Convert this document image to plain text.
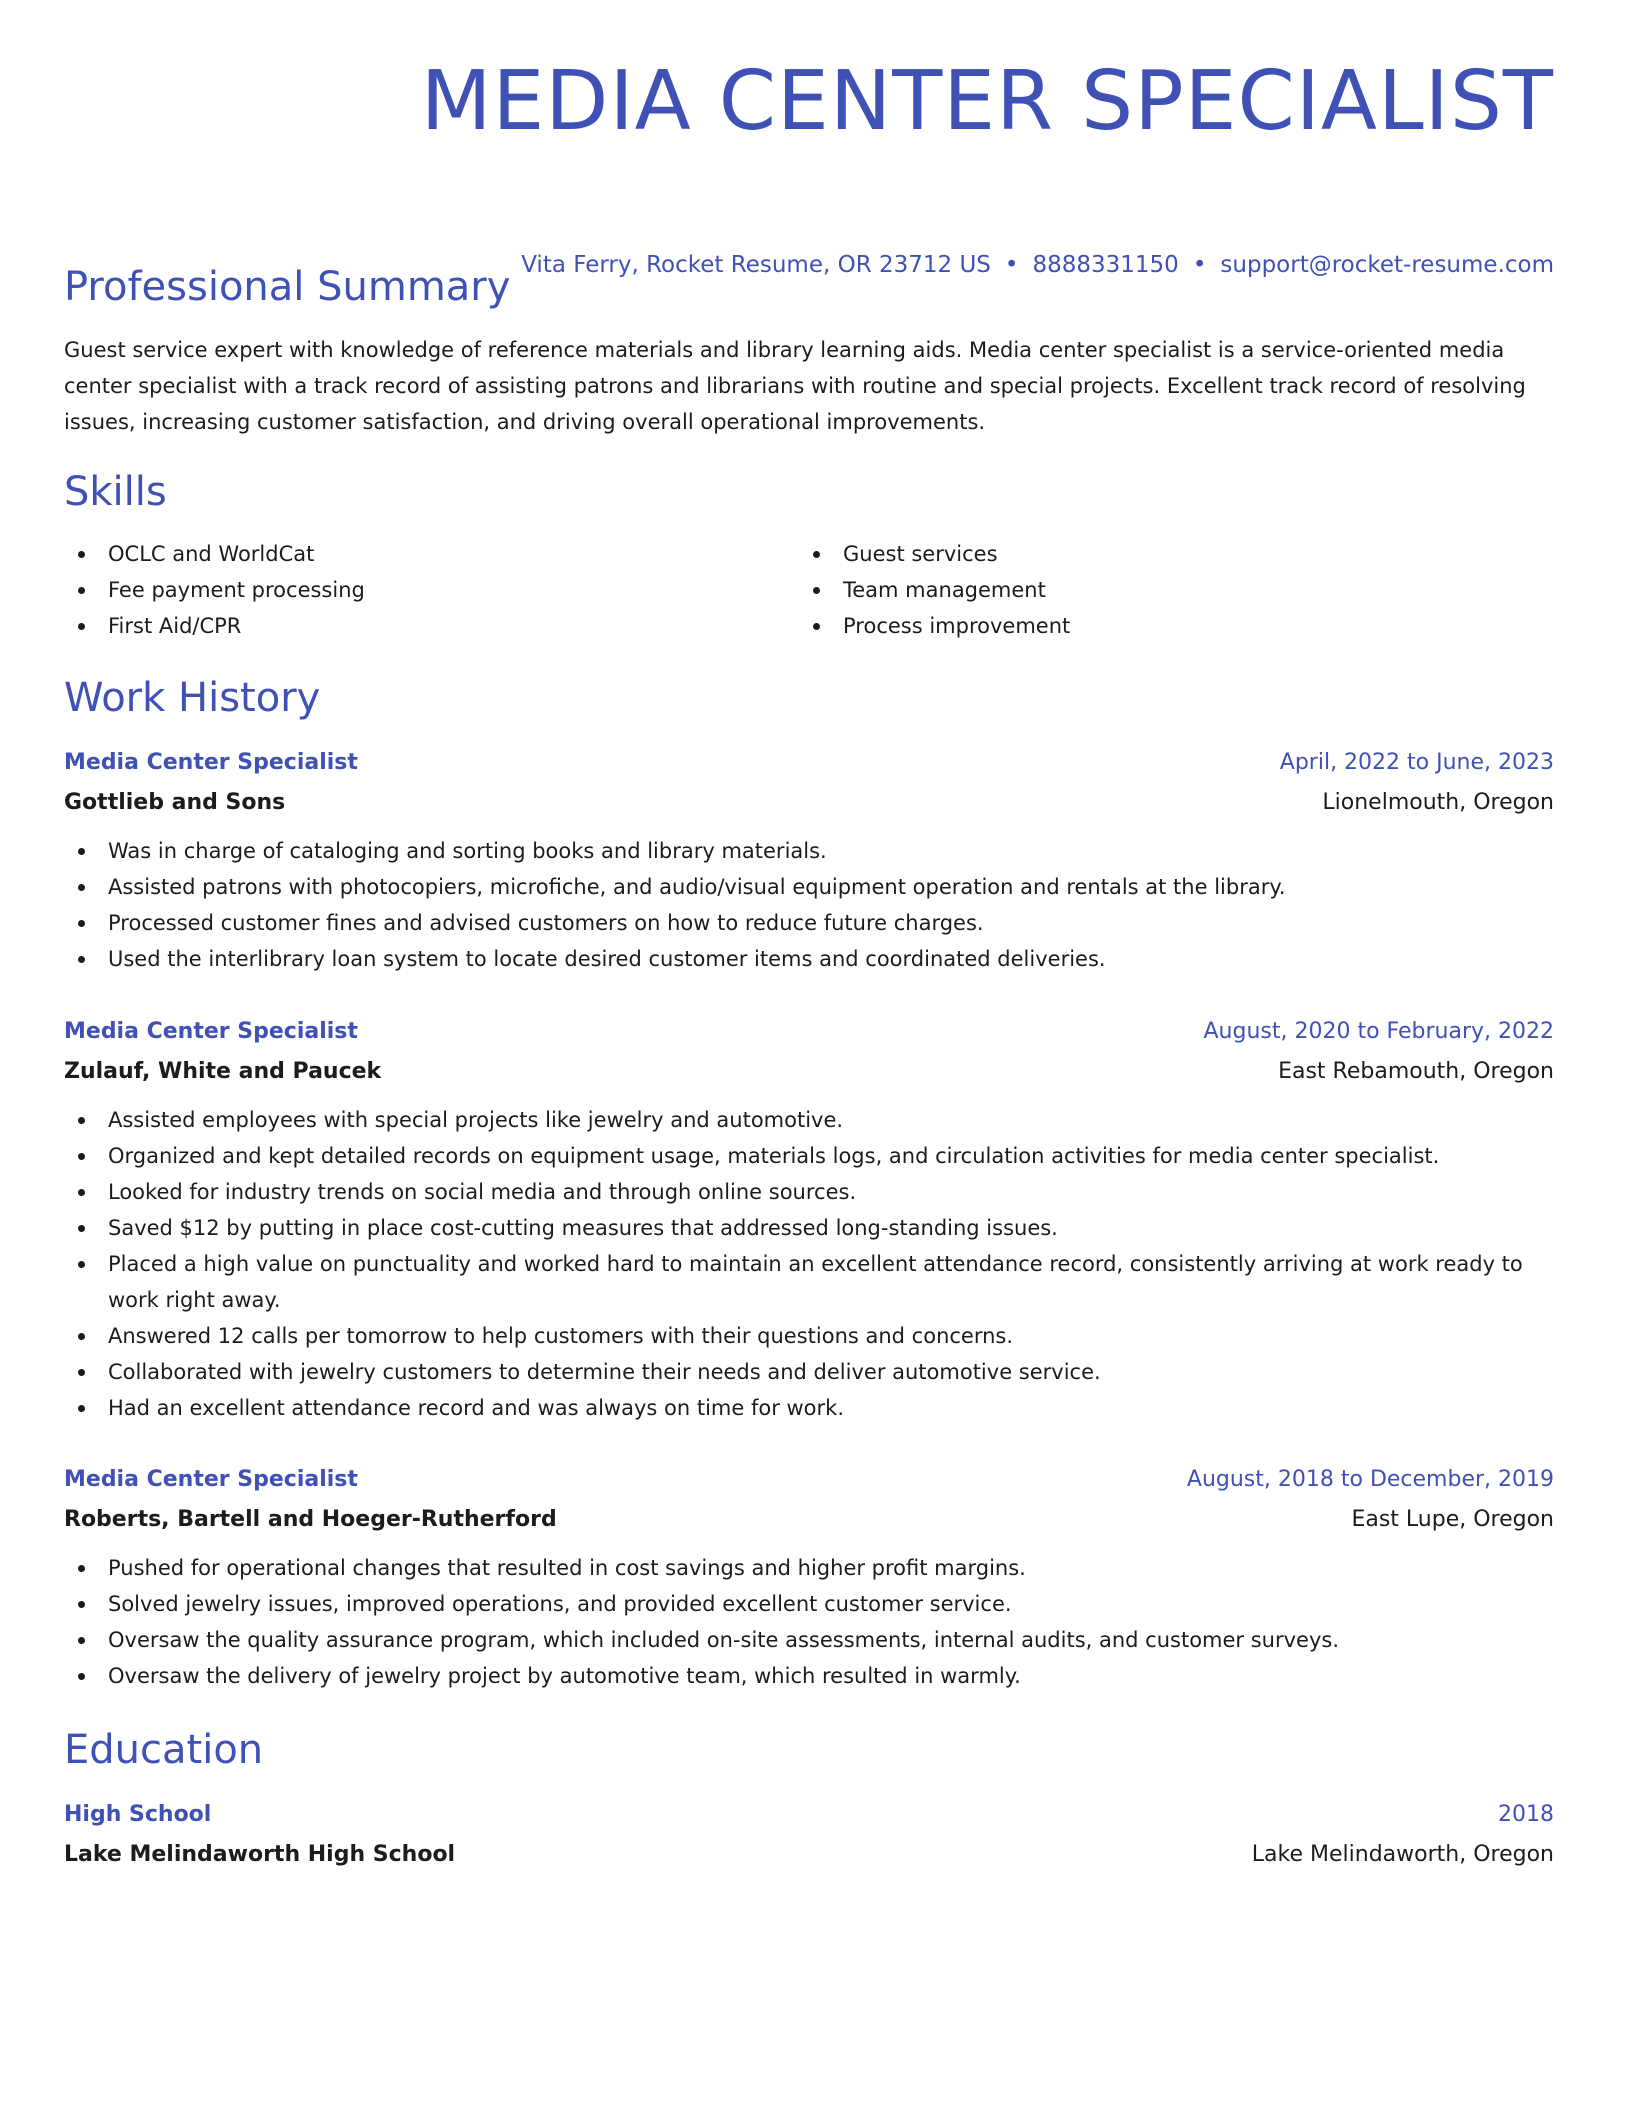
MEDIA CENTER SPECIALIST
Vita Ferry, Rocket Resume, OR 23712 US • 8888331150 • support@rocket-resume.com
Professional Summary

Guest service expert with knowledge of reference materials and library learning aids. Media center specialist is a service-oriented media center specialist with a track record of assisting patrons and librarians with routine and special projects. Excellent track record of resolving issues, increasing customer satisfaction, and driving overall operational improvements.

Skills
OCLC and WorldCat
Fee payment processing
First Aid/CPR
Guest services
Team management
Process improvement
Work History
Media Center Specialist	April, 2022 to June, 2023
Gottlieb and Sons	Lionelmouth, Oregon
Was in charge of cataloging and sorting books and library materials.
Assisted patrons with photocopiers, microfiche, and audio/visual equipment operation and rentals at the library.
Processed customer fines and advised customers on how to reduce future charges.
Used the interlibrary loan system to locate desired customer items and coordinated deliveries.
Media Center Specialist	August, 2020 to February, 2022
Zulauf, White and Paucek	East Rebamouth, Oregon
Assisted employees with special projects like jewelry and automotive.
Organized and kept detailed records on equipment usage, materials logs, and circulation activities for media center specialist.
Looked for industry trends on social media and through online sources.
Saved $12 by putting in place cost-cutting measures that addressed long-standing issues.
Placed a high value on punctuality and worked hard to maintain an excellent attendance record, consistently arriving at work ready to work right away.
Answered 12 calls per tomorrow to help customers with their questions and concerns.
Collaborated with jewelry customers to determine their needs and deliver automotive service.
Had an excellent attendance record and was always on time for work.
Media Center Specialist	August, 2018 to December, 2019
Roberts, Bartell and Hoeger-Rutherford	East Lupe, Oregon
Pushed for operational changes that resulted in cost savings and higher profit margins.
Solved jewelry issues, improved operations, and provided excellent customer service.
Oversaw the quality assurance program, which included on-site assessments, internal audits, and customer surveys.
Oversaw the delivery of jewelry project by automotive team, which resulted in warmly.
Education
High School	2018
Lake Melindaworth High School	Lake Melindaworth, Oregon
